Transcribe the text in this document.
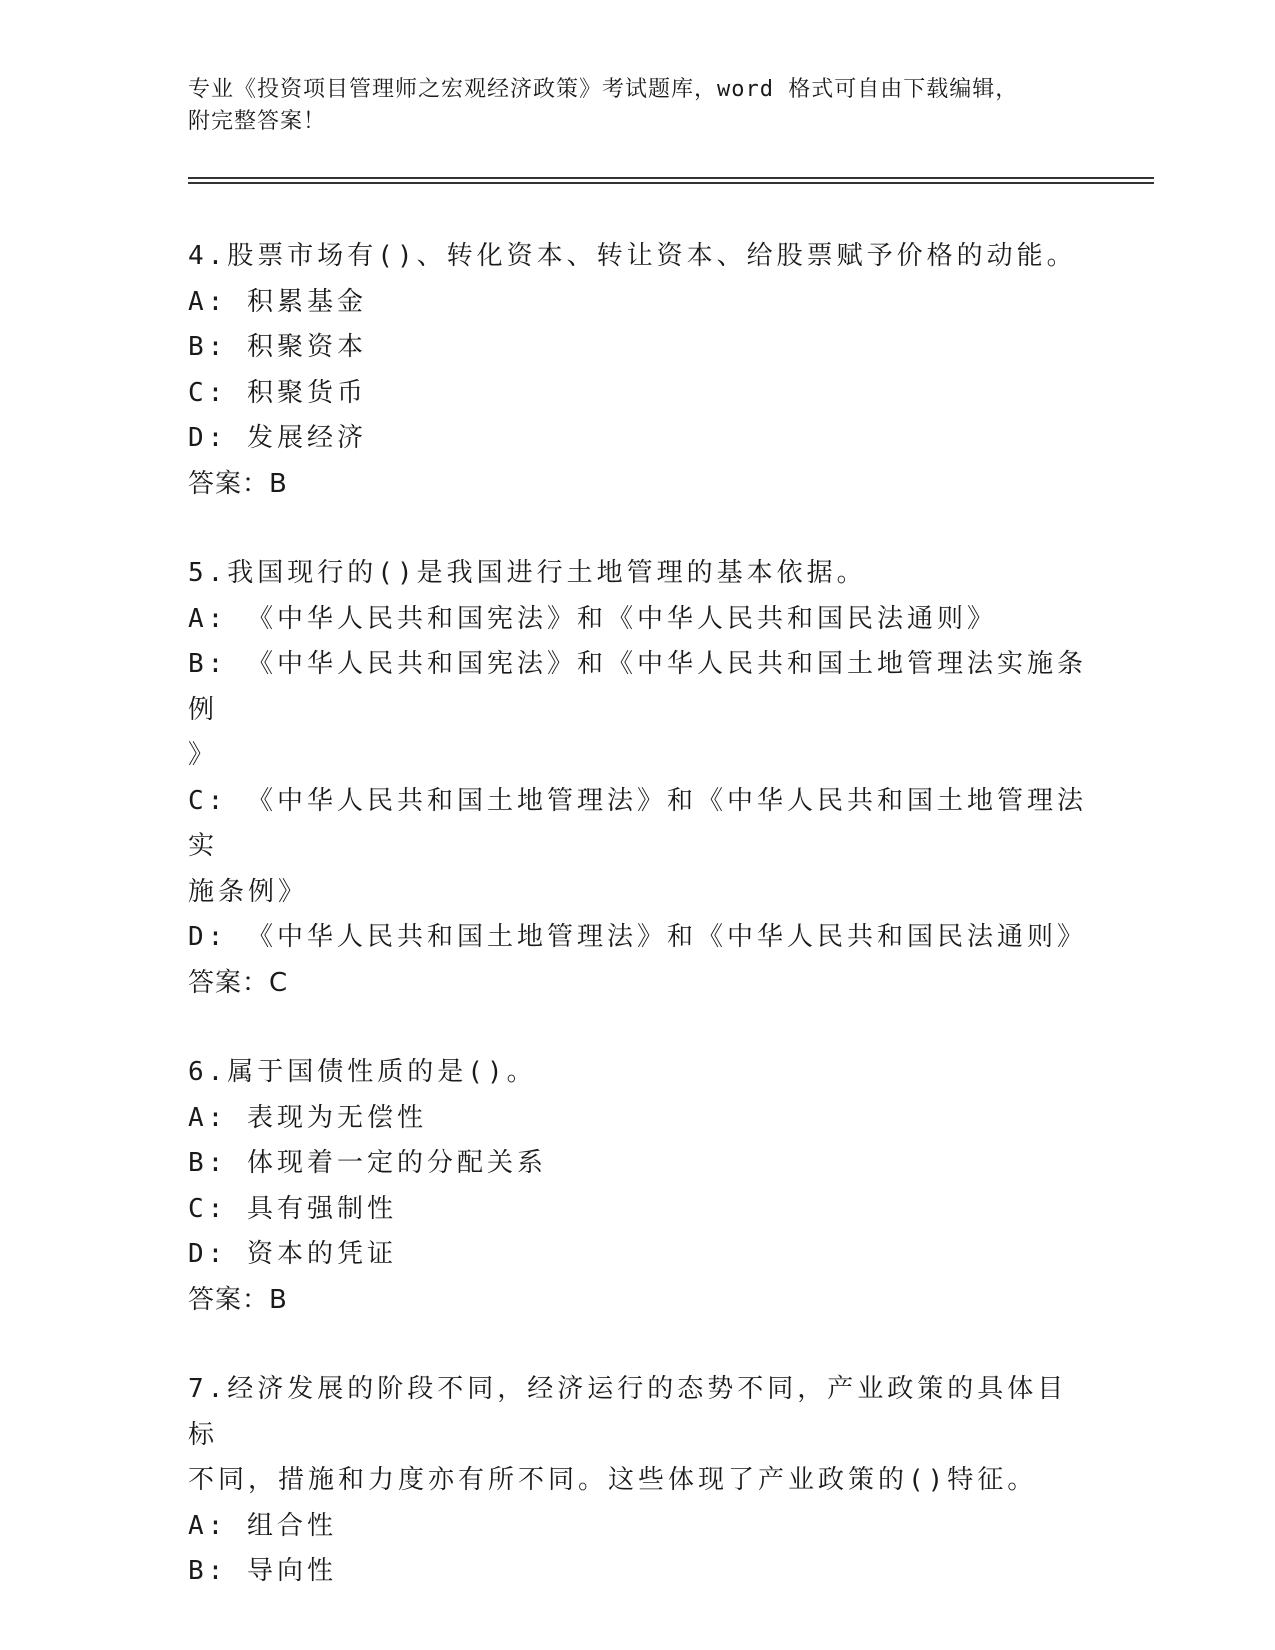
专业《投资项目管理师之宏观经济政策》考试题库，word 格式可自由下载编辑，
附完整答案！

4.股票市场有()、转化资本、转让资本、给股票赋予价格的动能。
A: 积累基金
B: 积聚资本
C: 积聚货币
D: 发展经济
答案：B
5.我国现行的()是我国进行土地管理的基本依据。
A: 《中华人民共和国宪法》和《中华人民共和国民法通则》
B: 《中华人民共和国宪法》和《中华人民共和国土地管理法实施条例
》
C: 《中华人民共和国土地管理法》和《中华人民共和国土地管理法实
施条例》
D: 《中华人民共和国土地管理法》和《中华人民共和国民法通则》
答案：C
6.属于国债性质的是()。
A: 表现为无偿性
B: 体现着一定的分配关系
C: 具有强制性
D: 资本的凭证
答案：B
7.经济发展的阶段不同，经济运行的态势不同，产业政策的具体目标
不同，措施和力度亦有所不同。这些体现了产业政策的()特征。
A: 组合性
B: 导向性
